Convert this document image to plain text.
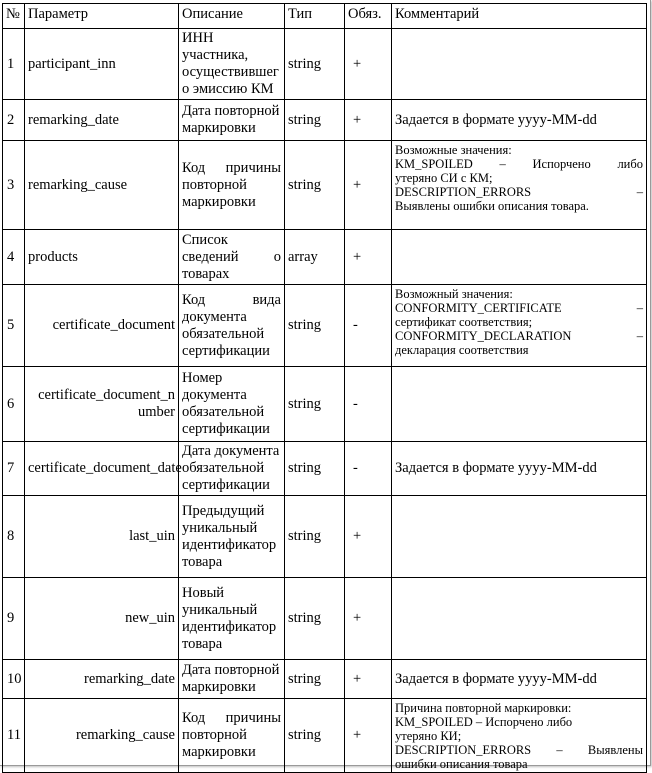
№	Параметр	Описание	Тип	Обяз.	Комментарий
1	participant_inn	ИНН участника,
осуществившег
о эмиссию КМ	string	+	
2	remarking_date	Дата повторной
маркировки	string	+	Задается в формате yyyy-MM-dd
3	remarking_cause	Код причины
повторной
маркировки	string	+	Возможные значения:
KM_SPOILED – Испорчено либо
утеряно СИ с КМ;
DESCRIPTION_ERRORS –
Выявлены ошибки описания товара.

4	products	Список
сведений о
товарах	array	+	
5	certificate_document	Код вида
документа
обязательной
сертификации	string	-	Возможный значения:
CONFORMITY_CERTIFICATE –
сертификат соответствия;
CONFORMITY_DECLARATION –
декларация соответствия

6	certificate_document_n
umber	Номер
документа
обязательной
сертификации	string	-	
7	certificate_document_date	Дата документа
обязательной
сертификации	string	-	Задается в формате yyyy-MM-dd
8	last_uin	Предыдущий
уникальный
идентификатор
товара	string	+	
9	new_uin	Новый
уникальный
идентификатор
товара	string	+	
10	remarking_date	Дата повторной
маркировки	string	+	Задается в формате yyyy-MM-dd
11	remarking_cause	Код причины
повторной
маркировки	string	+	Причина повторной маркировки:
KM_SPOILED – Испорчено либо
утеряно КИ;
DESCRIPTION_ERRORS – Выявлены
ошибки описания товара
